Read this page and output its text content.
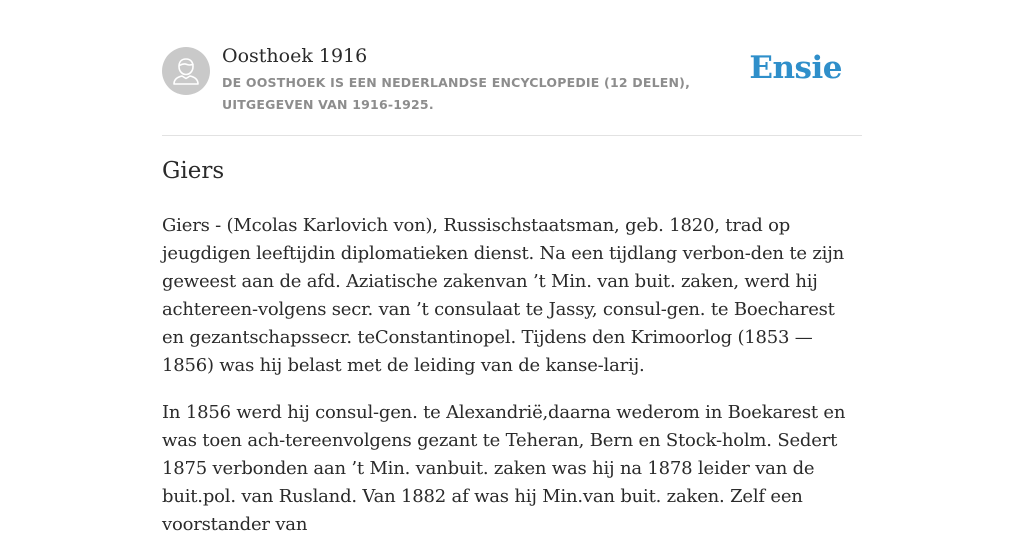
Oosthoek 1916
DE OOSTHOEK IS EEN NEDERLANDSE ENCYCLOPEDIE (12 DELEN), UITGEGEVEN VAN 1916-1925.
Ensie
Giers

Giers - (Mcolas Karlovich von), Russischstaatsman, geb. 1820, trad op jeugdigen leeftijdin diplomatieken dienst. Na een tijdlang verbon-den te zijn geweest aan de afd. Aziatische zakenvan ’t Min. van buit. zaken, werd hij achtereen-volgens secr. van ’t consulaat te Jassy, consul-gen. te Boecharest en gezantschapssecr. teConstantinopel. Tijdens den Krimoorlog (1853 —1856) was hij belast met de leiding van de kanse-larij.

In 1856 werd hij consul-gen. te Alexandrië,daarna wederom in Boekarest en was toen ach-tereenvolgens gezant te Teheran, Bern en Stock-holm. Sedert 1875 verbonden aan ’t Min. vanbuit. zaken was hij na 1878 leider van de buit.pol. van Rusland. Van 1882 af was hij Min.van buit. zaken. Zelf een voorstander van
